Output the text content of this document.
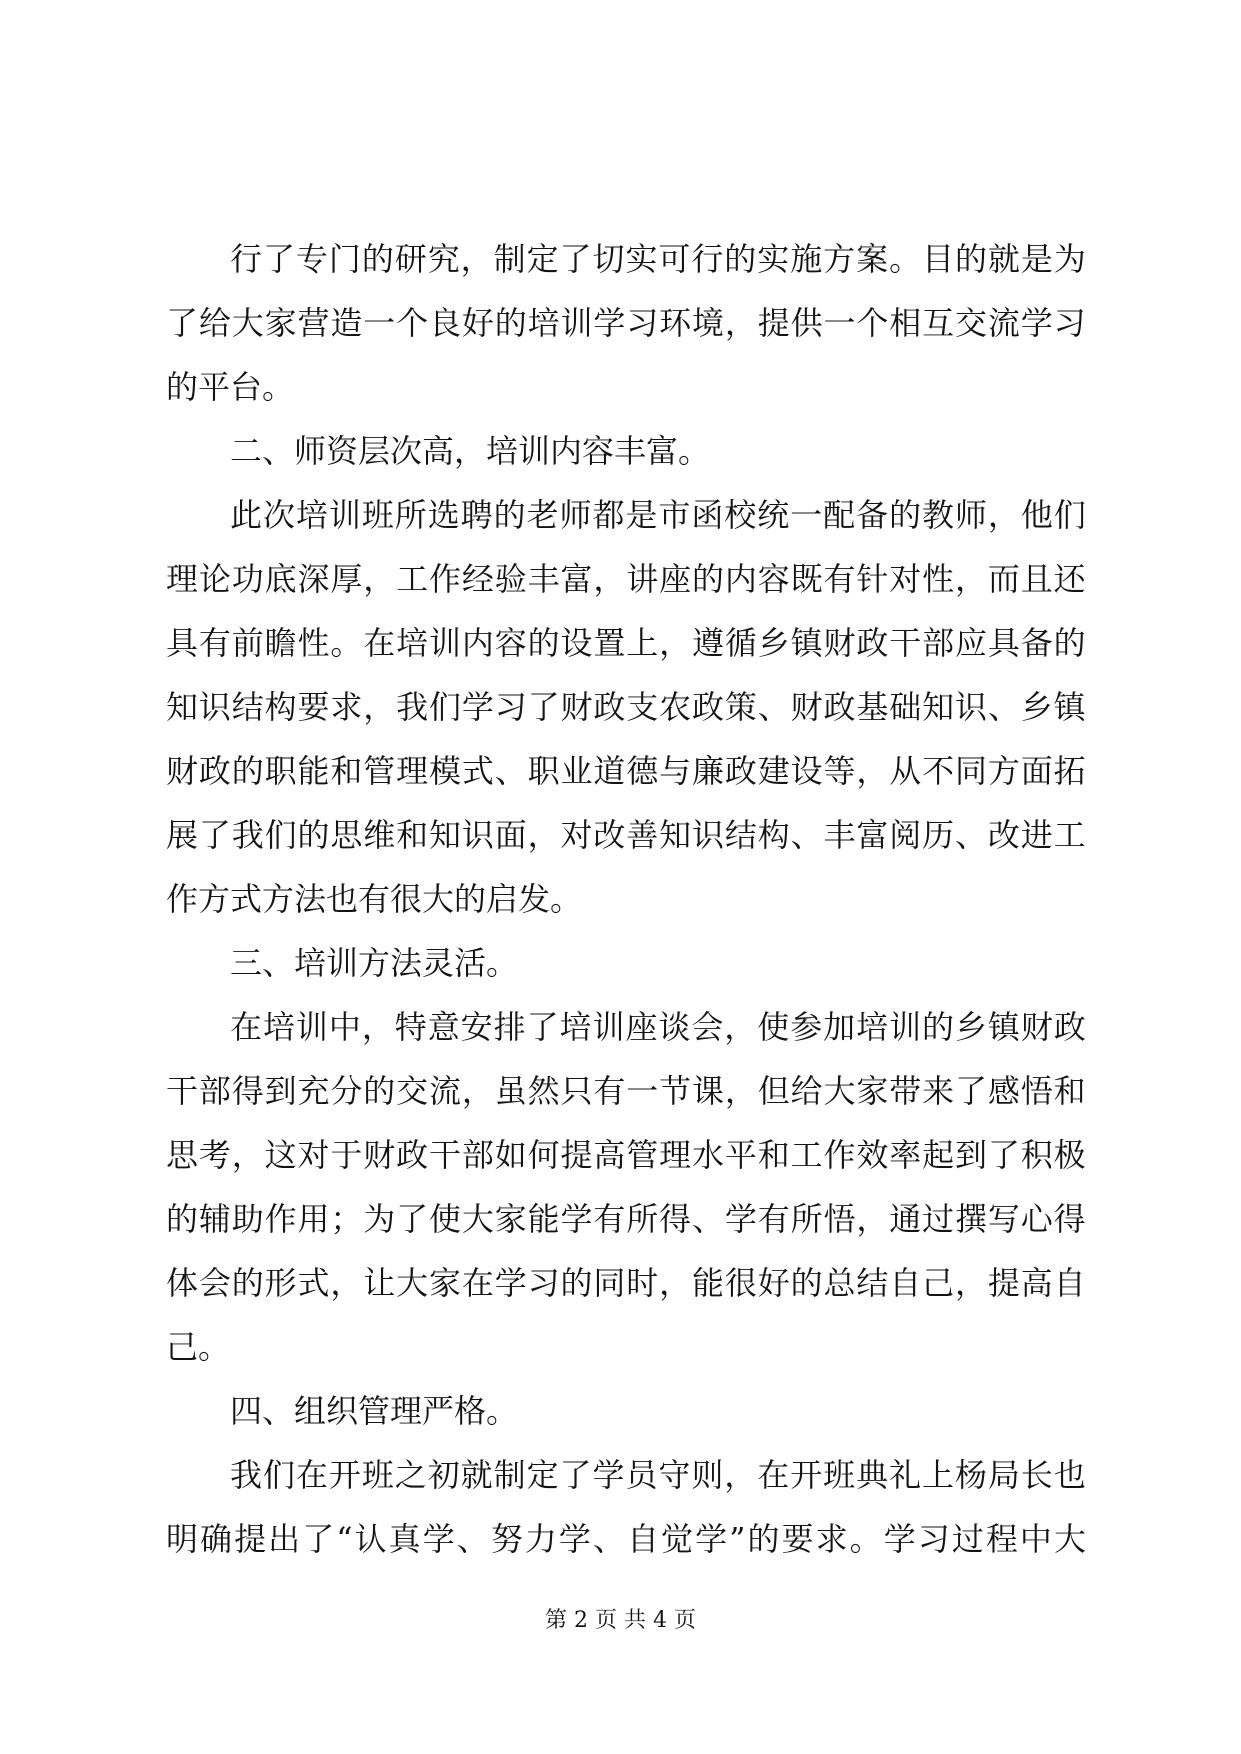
行 了 专 门 的 研 究 ， 制 定 了 切 实 可 行 的 实 施 方 案 。 目 的 就 是 为
了 给 大 家 营 造 一 个 良 好 的 培 训 学 习 环 境 ， 提 供 一 个 相 互 交 流 学 习
的平台。
二、师资层次高，培训内容丰富。
此 次 培 训 班 所 选 聘 的 老 师 都 是 市 函 校 统 一 配 备 的 教 师 ， 他 们
理 论 功 底 深 厚 ， 工 作 经 验 丰 富 ， 讲 座 的 内 容 既 有 针 对 性 ， 而 且 还
具 有 前 瞻 性 。 在 培 训 内 容 的 设 置 上 ， 遵 循 乡 镇 财 政 干 部 应 具 备 的
知 识 结 构 要 求 ， 我 们 学 习 了 财 政 支 农 政 策 、 财 政 基 础 知 识 、 乡 镇
财 政 的 职 能 和 管 理 模 式 、 职 业 道 德 与 廉 政 建 设 等 ， 从 不 同 方 面 拓
展 了 我 们 的 思 维 和 知 识 面 ， 对 改 善 知 识 结 构 、 丰 富 阅 历 、 改 进 工
作方式方法也有很大的启发。
三、培训方法灵活。
在 培 训 中 ， 特 意 安 排 了 培 训 座 谈 会 ， 使 参 加 培 训 的 乡 镇 财 政
干 部 得 到 充 分 的 交 流 ， 虽 然 只 有 一 节 课 ， 但 给 大 家 带 来 了 感 悟 和
思 考 ， 这 对 于 财 政 干 部 如 何 提 高 管 理 水 平 和 工 作 效 率 起 到 了 积 极
的 辅 助 作 用 ； 为 了 使 大 家 能 学 有 所 得 、 学 有 所 悟 ， 通 过 撰 写 心 得
体 会 的 形 式 ， 让 大 家 在 学 习 的 同 时 ， 能 很 好 的 总 结 自 己 ， 提 高 自
己。
四、组织管理严格。
我 们 在 开 班 之 初 就 制 定 了 学 员 守 则 ， 在 开 班 典 礼 上 杨 局 长 也
明 确 提 出 了 “ 认 真 学 、 努 力 学 、 自 觉 学 ” 的 要 求 。 学 习 过 程 中 大
第 2 页 共 4 页
